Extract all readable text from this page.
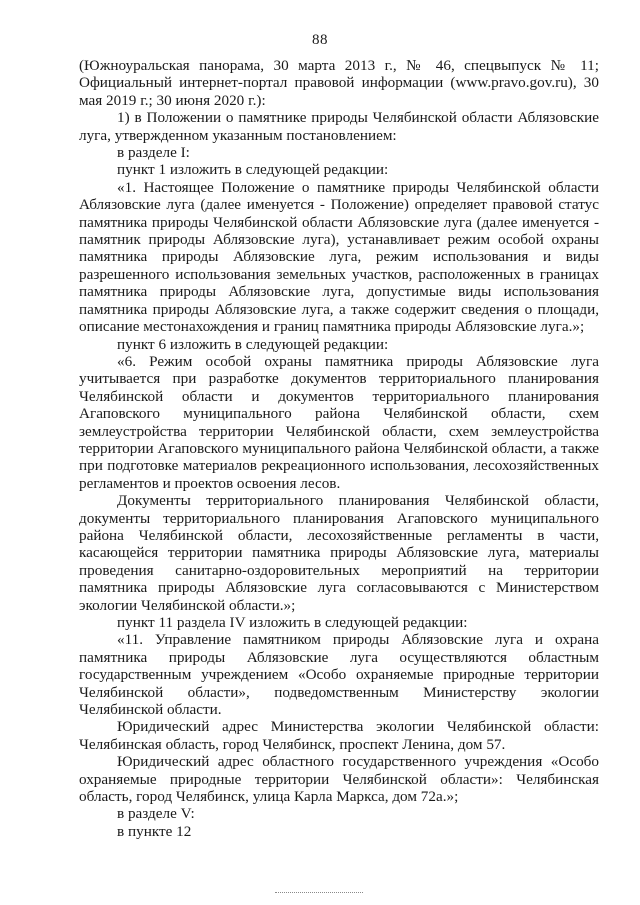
88

(Южноуральская панорама, 30 марта 2013 г., № 46, спецвыпуск № 11; Официальный интернет-портал правовой информации (www.pravo.gov.ru), 30 мая 2019 г.; 30 июня 2020 г.):

1) в Положении о памятнике природы Челябинской области Аблязовские луга, утвержденном указанным постановлением:

в разделе I:

пункт 1 изложить в следующей редакции:

«1. Настоящее Положение о памятнике природы Челябинской области Аблязовские луга (далее именуется - Положение) определяет правовой статус памятника природы Челябинской области Аблязовские луга (далее именуется - памятник природы Аблязовские луга), устанавливает режим особой охраны памятника природы Аблязовские луга, режим использования и виды разрешенного использования земельных участков, расположенных в границах памятника природы Аблязовские луга, допустимые виды использования памятника природы Аблязовские луга, а также содержит сведения о площади, описание местонахождения и границ памятника природы Аблязовские луга.»;

пункт 6 изложить в следующей редакции:

«6. Режим особой охраны памятника природы Аблязовские луга учитывается при разработке документов территориального планирования Челябинской области и документов территориального планирования Агаповского муниципального района Челябинской области, схем землеустройства территории Челябинской области, схем землеустройства территории Агаповского муниципального района Челябинской области, а также при подготовке материалов рекреационного использования, лесохозяйственных регламентов и проектов освоения лесов.

Документы территориального планирования Челябинской области, документы территориального планирования Агаповского муниципального района Челябинской области, лесохозяйственные регламенты в части, касающейся территории памятника природы Аблязовские луга, материалы проведения санитарно-оздоровительных мероприятий на территории памятника природы Аблязовские луга согласовываются с Министерством экологии Челябинской области.»;

пункт 11 раздела IV изложить в следующей редакции:

«11. Управление памятником природы Аблязовские луга и охрана памятника природы Аблязовские луга осуществляются областным государственным учреждением «Особо охраняемые природные территории Челябинской области», подведомственным Министерству экологии Челябинской области.

Юридический адрес Министерства экологии Челябинской области: Челябинская область, город Челябинск, проспект Ленина, дом 57.

Юридический адрес областного государственного учреждения «Особо охраняемые природные территории Челябинской области»: Челябинская область, город Челябинск, улица Карла Маркса, дом 72а.»;

в разделе V:

в пункте 12
